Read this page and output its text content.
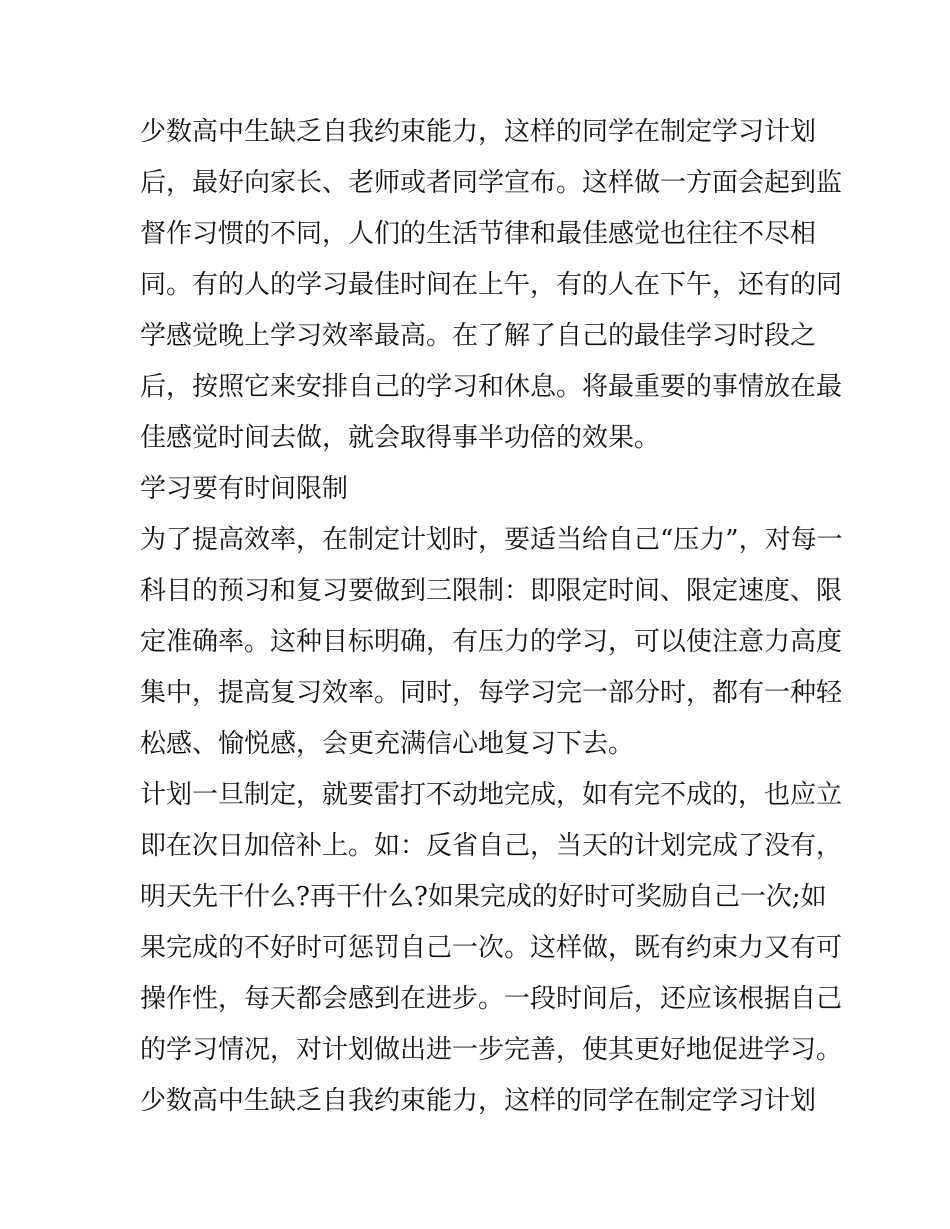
少数高中生缺乏自我约束能力，这样的同学在制定学习计划
后，最好向家长、老师或者同学宣布。这样做一方面会起到监
督作习惯的不同，人们的生活节律和最佳感觉也往往不尽相
同。有的人的学习最佳时间在上午，有的人在下午，还有的同
学感觉晚上学习效率最高。在了解了自己的最佳学习时段之
后，按照它来安排自己的学习和休息。将最重要的事情放在最
佳感觉时间去做，就会取得事半功倍的效果。
学习要有时间限制
为了提高效率，在制定计划时，要适当给自己“压力”，对每一
科目的预习和复习要做到三限制：即限定时间、限定速度、限
定准确率。这种目标明确，有压力的学习，可以使注意力高度
集中，提高复习效率。同时，每学习完一部分时，都有一种轻
松感、愉悦感，会更充满信心地复习下去。
计划一旦制定，就要雷打不动地完成，如有完不成的，也应立
即在次日加倍补上。如：反省自己，当天的计划完成了没有，
明天先干什么?再干什么?如果完成的好时可奖励自己一次;如
果完成的不好时可惩罚自己一次。这样做，既有约束力又有可
操作性，每天都会感到在进步。一段时间后，还应该根据自己
的学习情况，对计划做出进一步完善，使其更好地促进学习。
少数高中生缺乏自我约束能力，这样的同学在制定学习计划
